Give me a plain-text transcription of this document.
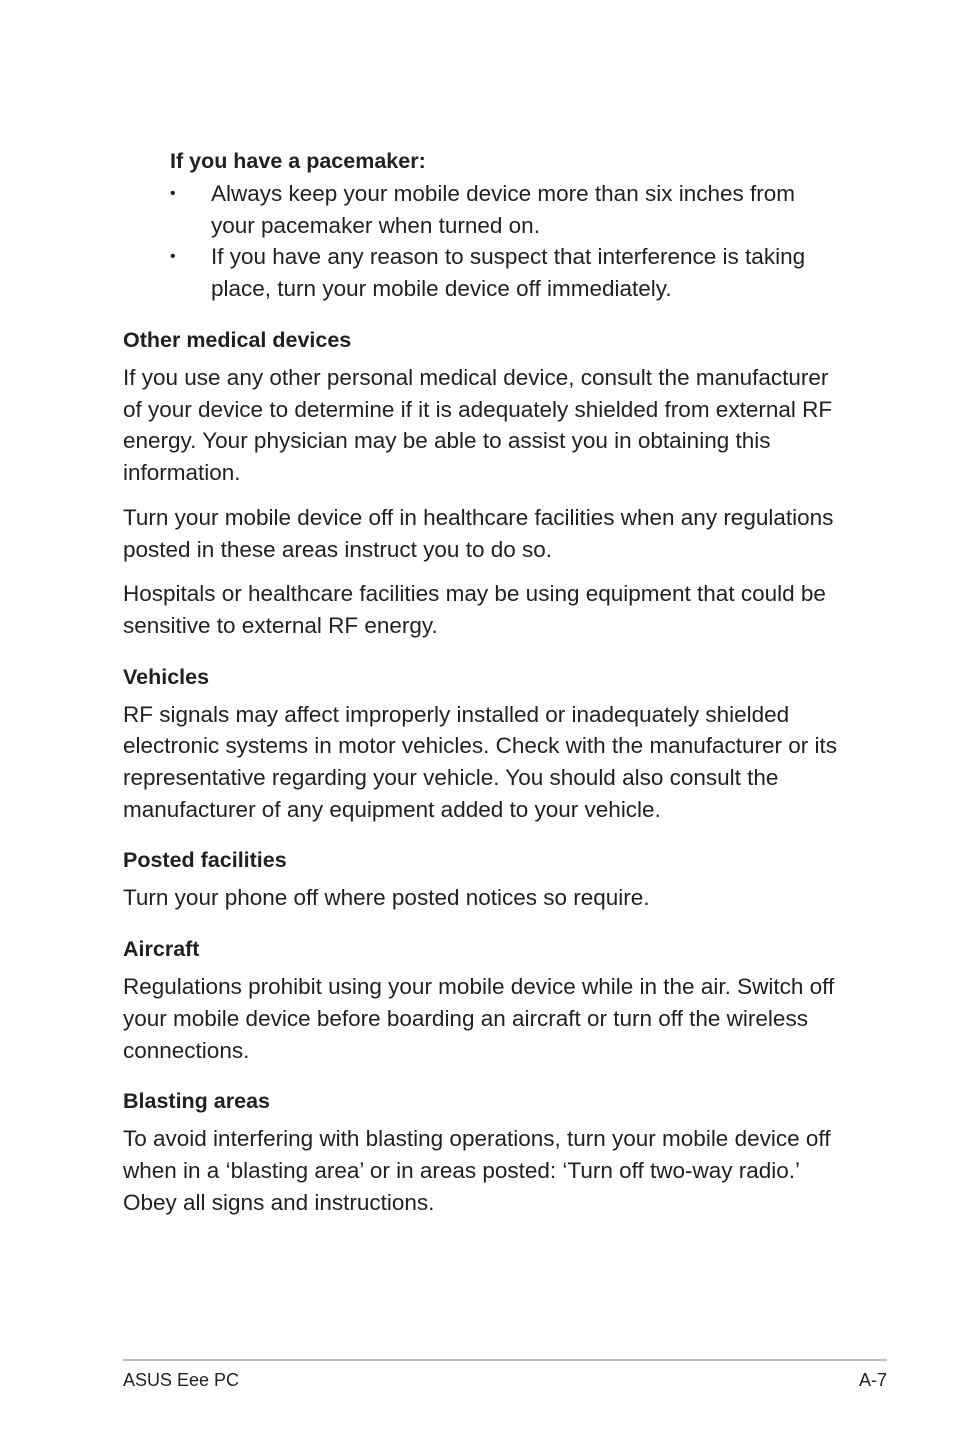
If you have a pacemaker:
• Always keep your mobile device more than six inches from
your pacemaker when turned on.
• If you have any reason to suspect that interference is taking
place, turn your mobile device off immediately.
Other medical devices

If you use any other personal medical device, consult the manufacturer of your device to determine if it is adequately shielded from external RF energy. Your physician may be able to assist you in obtaining this information.

Turn your mobile device off in healthcare facilities when any regulations posted in these areas instruct you to do so.

Hospitals or healthcare facilities may be using equipment that could be sensitive to external RF energy.

Vehicles

RF signals may affect improperly installed or inadequately shielded electronic systems in motor vehicles. Check with the manufacturer or its representative regarding your vehicle. You should also consult the manufacturer of any equipment added to your vehicle.

Posted facilities

Turn your phone off where posted notices so require.

Aircraft

Regulations prohibit using your mobile device while in the air. Switch off your mobile device before boarding an aircraft or turn off the wireless connections.

Blasting areas

To avoid interfering with blasting operations, turn your mobile device off when in a ‘blasting area’ or in areas posted: ‘Turn off two-way radio.’ Obey all signs and instructions.

ASUS Eee PC	A-7
